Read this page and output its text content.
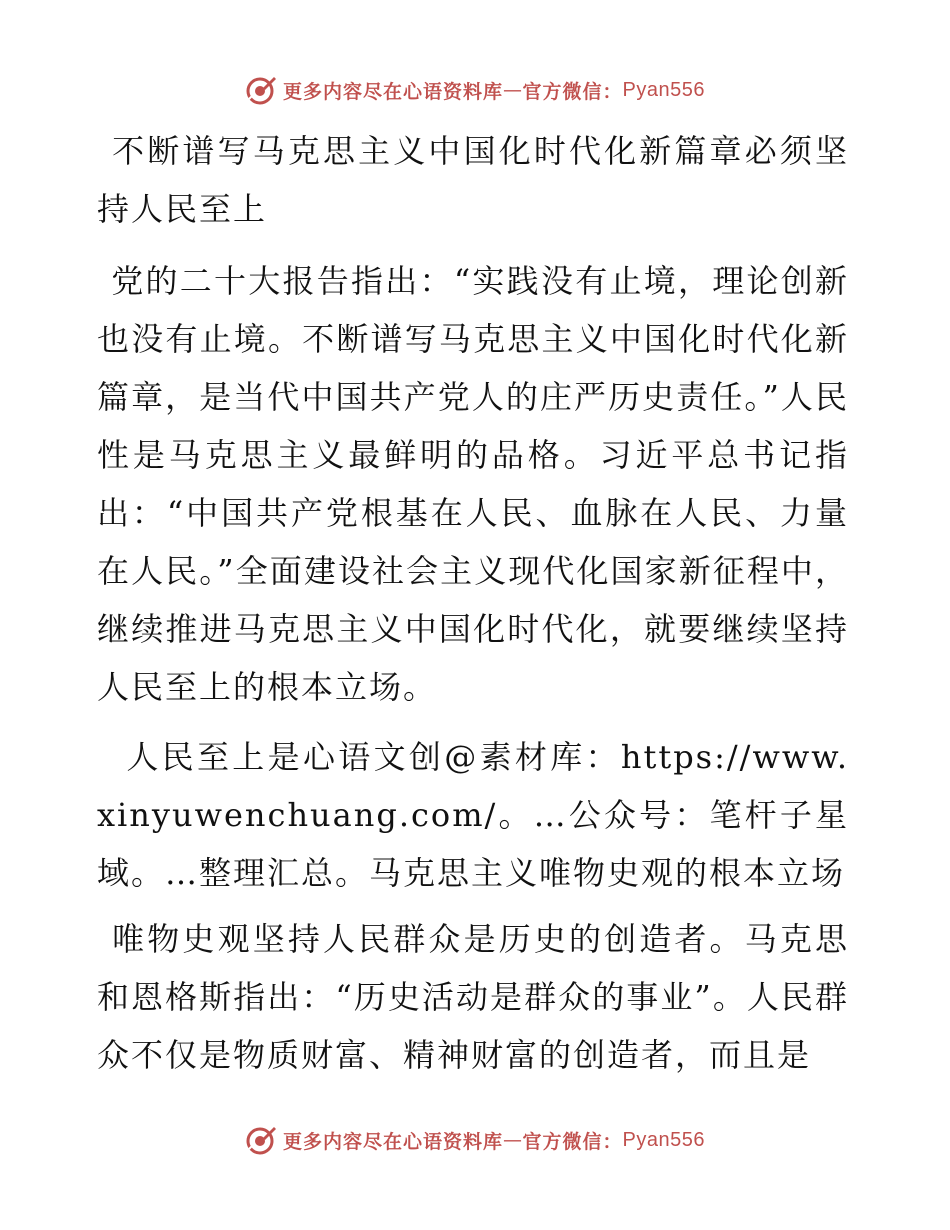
更多内容尽在心语资料库 — 官方微信： Pyan556

不断谱写马克思主义中国化时代化新篇章必须坚持人民至上

党的二十大报告指出：“实践没有止境，理论创新也没有止境。不断谱写马克思主义中国化时代化新篇章，是当代中国共产党人的庄严历史责任。”人民性是马克思主义最鲜明的品格。习近平总书记指出：“中国共产党根基在人民、血脉在人民、力量在人民。”全面建设社会主义现代化国家新征程中，继续推进马克思主义中国化时代化，就要继续坚持人民至上的根本立场。

人民至上是心语文创@素材库：https://www.xinyuwenchuang.com/。…公众号：笔杆子星域。…整理汇总。马克思主义唯物史观的根本立场

唯物史观坚持人民群众是历史的创造者。马克思和恩格斯指出：“历史活动是群众的事业”。人民群众不仅是物质财富、精神财富的创造者，而且是

更多内容尽在心语资料库 — 官方微信： Pyan556
